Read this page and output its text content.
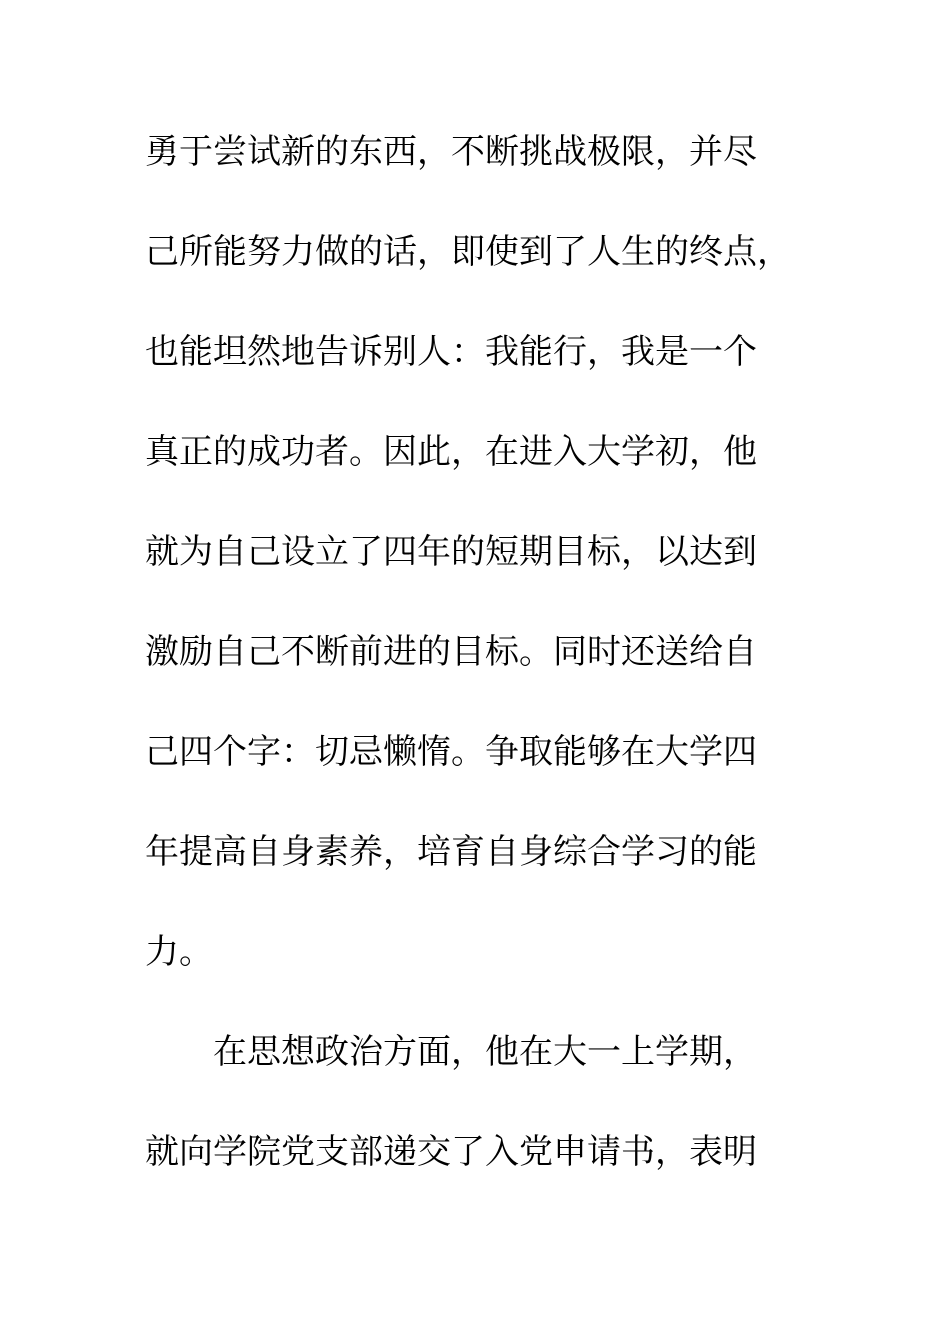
勇于尝试新的东西，不断挑战极限，并尽
己所能努力做的话，即使到了人生的终点，
也能坦然地告诉别人：我能行，我是一个
真正的成功者。因此，在进入大学初，他
就为自己设立了四年的短期目标，以达到
激励自己不断前进的目标。同时还送给自
己四个字：切忌懒惰。争取能够在大学四
年提高自身素养，培育自身综合学习的能
力。
在思想政治方面，他在大一上学期，
就向学院党支部递交了入党申请书，表明
